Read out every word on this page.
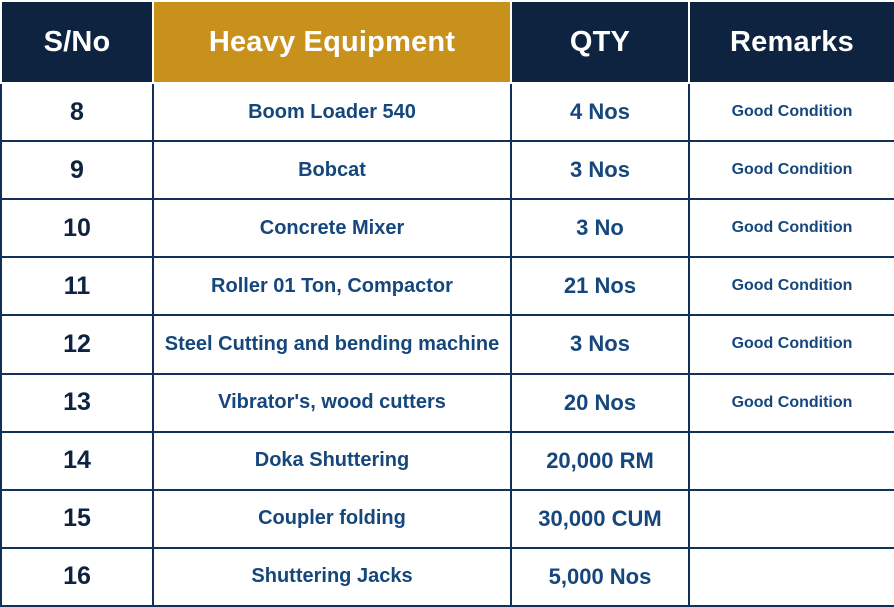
S/No	Heavy Equipment	QTY	Remarks
8	Boom Loader 540	4 Nos	Good Condition
9	Bobcat	3 Nos	Good Condition
10	Concrete Mixer	3 No	Good Condition
11	Roller 01 Ton, Compactor	21 Nos	Good Condition
12	Steel Cutting and bending machine	3 Nos	Good Condition
13	Vibrator's, wood cutters	20 Nos	Good Condition
14	Doka Shuttering	20,000 RM	
15	Coupler folding	30,000 CUM	
16	Shuttering Jacks	5,000 Nos	
